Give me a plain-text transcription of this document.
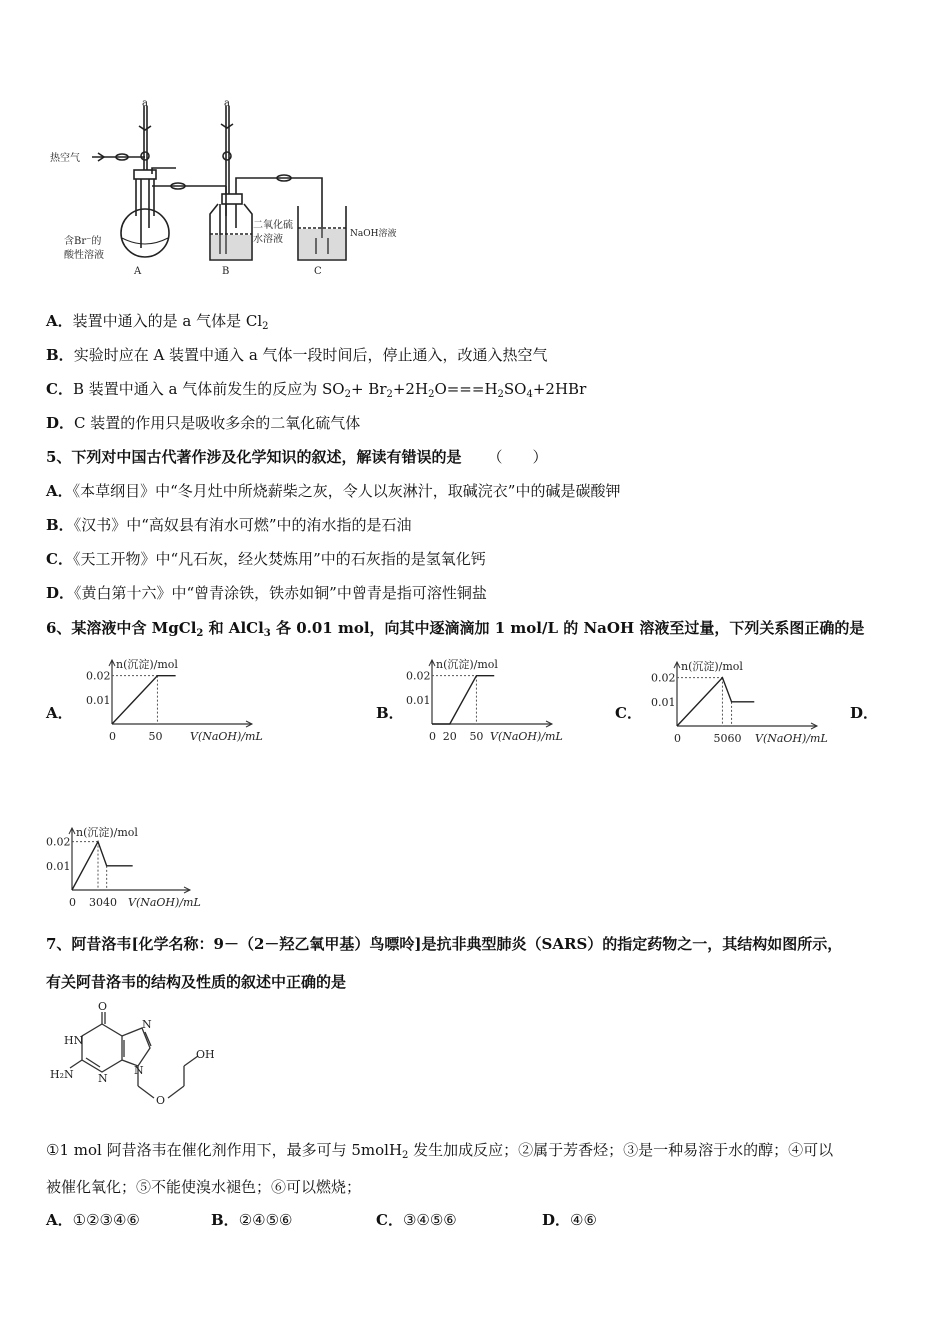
a	a
热空气
含Br⁻的
酸性溶液
二氧化硫
水溶液	NaOH溶液
A	B	C
A．装置中通入的是 a 气体是 $Cl_2$
B．实验时应在 A 装置中通入 a 气体一段时间后，停止通入，改通入热空气
C．B 装置中通入 a 气体前发生的反应为 $SO_2+ Br_2+2H_2O===H_2SO_4+2HBr$
D．C 装置的作用只是吸收多余的二氧化硫气体
5、下列对中国古代著作涉及化学知识的叙述，解读有错误的是 （　　）
A．《本草纲目》中“冬月灶中所烧薪柴之灰，令人以灰淋汁，取碱浣衣”中的碱是碳酸钾
B．《汉书》中“高奴县有洧水可燃”中的洧水指的是石油
C．《天工开物》中“凡石灰，经火焚炼用”中的石灰指的是氢氧化钙
D．《黄白第十六》中“曾青涂铁，铁赤如铜”中曾青是指可溶性铜盐
6、某溶液中含 MgCl$_2$ 和 AlCl$_3$ 各 0.01 mol，向其中逐滴滴加 1 mol/L 的 NaOH 溶液至过量，下列关系图正确的是
A．	B．	C．	D．
n(沉淀)/mol
V(NaOH)/mL
0.02
0.01
0	50
n(沉淀)/mol
V(NaOH)/mL
0.02
0.01
0 20 50
n(沉淀)/mol
V(NaOH)/mL
0.02
0.01
0	5060
n(沉淀)/mol
V(NaOH)/mL
0.02
0.01
0 3040
7、阿昔洛韦[化学名称：9－（2－羟乙氧甲基）鸟嘌呤]是抗非典型肺炎（SARS）的指定药物之一，其结构如图所示，
有关阿昔洛韦的结构及性质的叙述中正确的是
O
HN
H₂N N
N
N
O
OH
①1 mol 阿昔洛韦在催化剂作用下，最多可与 5molH$_2$ 发生加成反应；②属于芳香烃；③是一种易溶于水的醇；④可以
被催化氧化；⑤不能使溴水褪色；⑥可以燃烧；
A．①②③④⑥	B．②④⑤⑥	C．③④⑤⑥	D．④⑥
